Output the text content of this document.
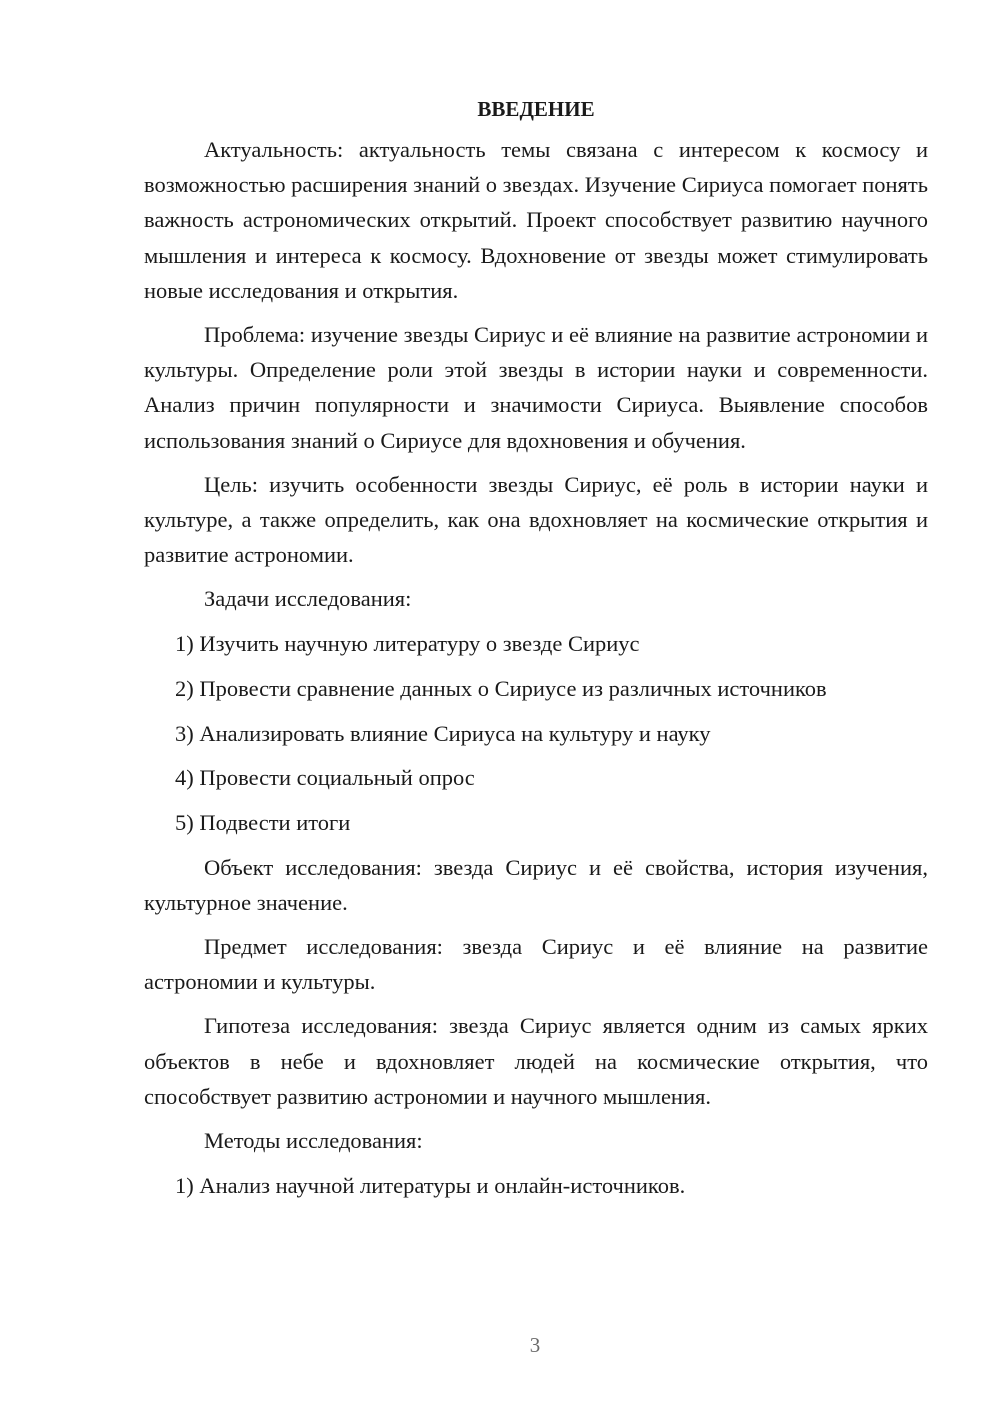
ВВЕДЕНИЕ

Актуальность: актуальность темы связана с интересом к космосу и возможностью расширения знаний о звездах. Изучение Сириуса помогает понять важность астрономических открытий. Проект способствует развитию научного мышления и интереса к космосу. Вдохновение от звезды может стимулировать новые исследования и открытия.

Проблема: изучение звезды Сириус и её влияние на развитие астрономии и культуры. Определение роли этой звезды в истории науки и современности. Анализ причин популярности и значимости Сириуса. Выявление способов использования знаний о Сириусе для вдохновения и обучения.

Цель: изучить особенности звезды Сириус, её роль в истории науки и культуре, а также определить, как она вдохновляет на космические открытия и развитие астрономии.

Задачи исследования:

1) Изучить научную литературу о звезде Сириус

2) Провести сравнение данных о Сириусе из различных источников

3) Анализировать влияние Сириуса на культуру и науку

4) Провести социальный опрос

5) Подвести итоги

Объект исследования: звезда Сириус и её свойства, история изучения, культурное значение.

Предмет исследования: звезда Сириус и её влияние на развитие астрономии и культуры.

Гипотеза исследования: звезда Сириус является одним из самых ярких объектов в небе и вдохновляет людей на космические открытия, что способствует развитию астрономии и научного мышления.

Методы исследования:

1) Анализ научной литературы и онлайн-источников.

3
